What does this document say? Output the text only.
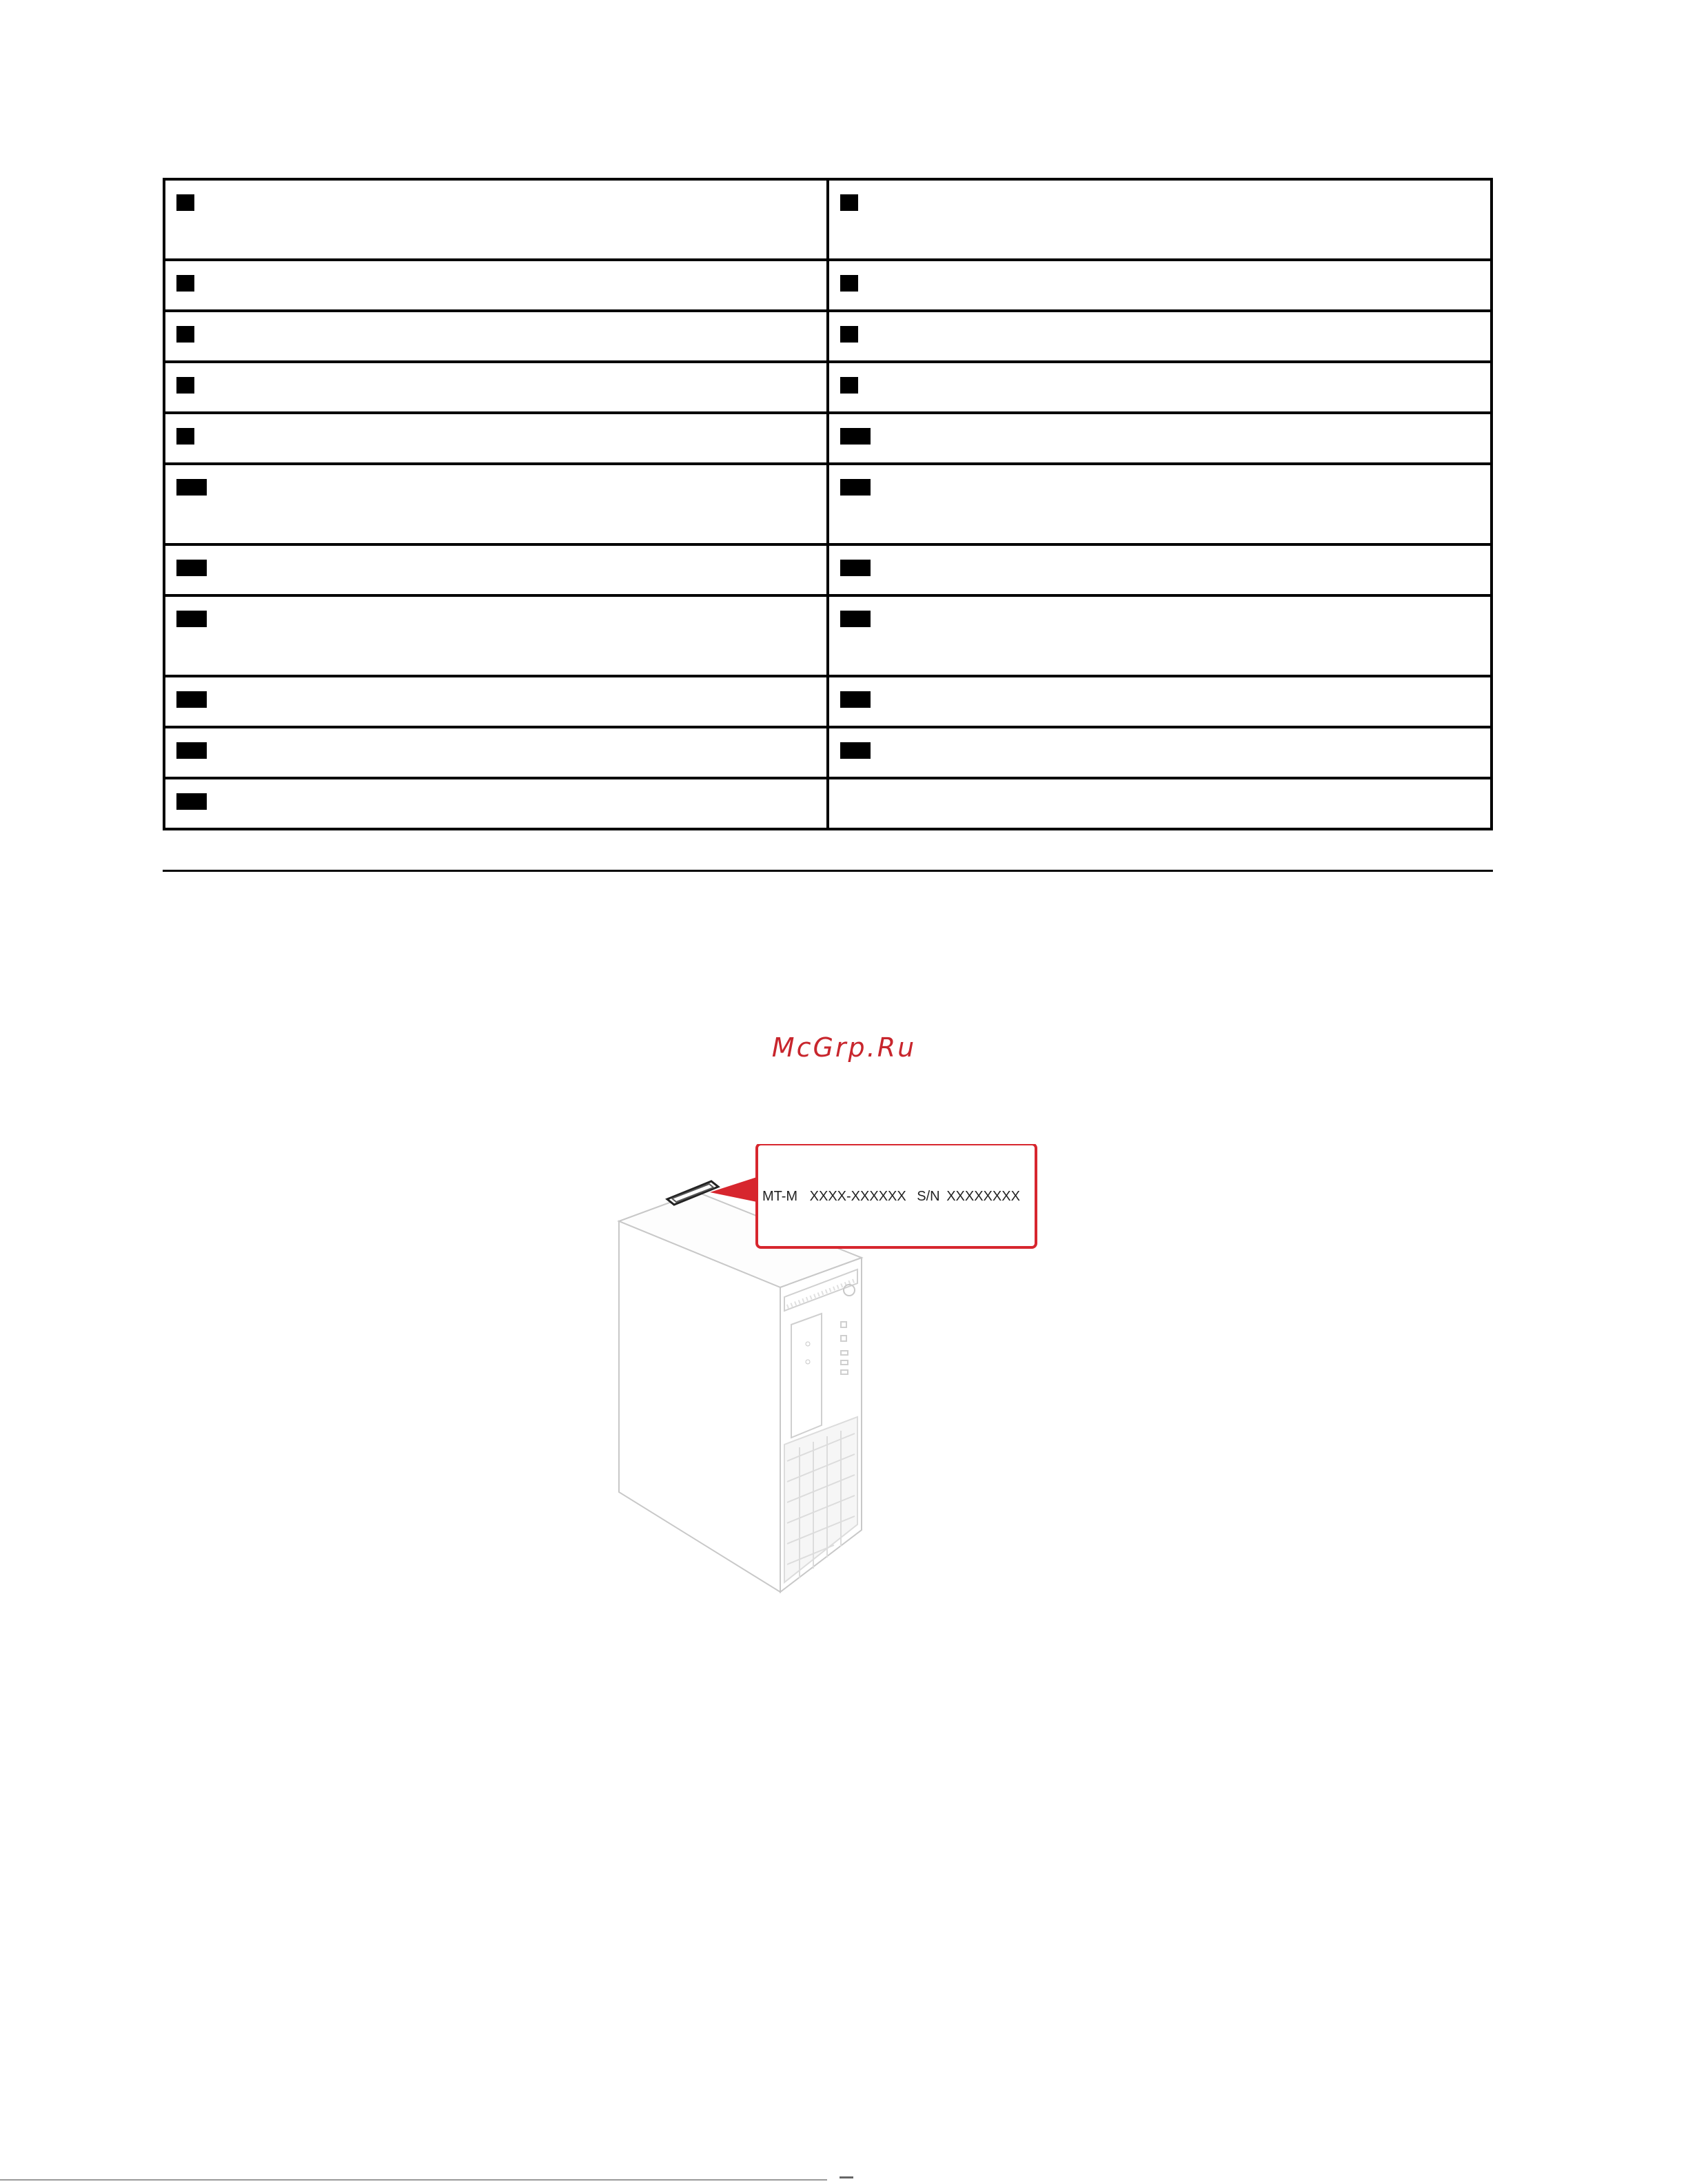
McGrp.Ru
MT-M XXXX-XXXXXX S/N XXXXXXXX
